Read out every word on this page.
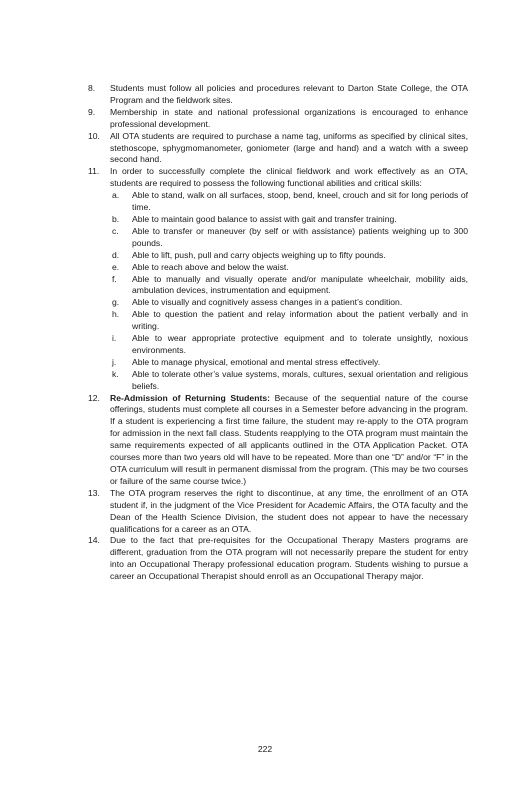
8. Students must follow all policies and procedures relevant to Darton State College, the OTA Program and the fieldwork sites.
9. Membership in state and national professional organizations is encouraged to enhance professional development.
10. All OTA students are required to purchase a name tag, uniforms as specified by clinical sites, stethoscope, sphygmomanometer, goniometer (large and hand) and a watch with a sweep second hand.
11. In order to successfully complete the clinical fieldwork and work effectively as an OTA, students are required to possess the following functional abilities and critical skills:
a. Able to stand, walk on all surfaces, stoop, bend, kneel, crouch and sit for long periods of time.
b. Able to maintain good balance to assist with gait and transfer training.
c. Able to transfer or maneuver (by self or with assistance) patients weighing up to 300 pounds.
d. Able to lift, push, pull and carry objects weighing up to fifty pounds.
e. Able to reach above and below the waist.
f. Able to manually and visually operate and/or manipulate wheelchair, mobility aids, ambulation devices, instrumentation and equipment.
g. Able to visually and cognitively assess changes in a patient’s condition.
h. Able to question the patient and relay information about the patient verbally and in writing.
i. Able to wear appropriate protective equipment and to tolerate unsightly, noxious environments.
j. Able to manage physical, emotional and mental stress effectively.
k. Able to tolerate other’s value systems, morals, cultures, sexual orientation and religious beliefs.
12. Re-Admission of Returning Students: Because of the sequential nature of the course offerings, students must complete all courses in a Semester before advancing in the program. If a student is experiencing a first time failure, the student may re-apply to the OTA program for admission in the next fall class. Students reapplying to the OTA program must maintain the same requirements expected of all applicants outlined in the OTA Application Packet. OTA courses more than two years old will have to be repeated. More than one “D” and/or “F” in the OTA curriculum will result in permanent dismissal from the program. (This may be two courses or failure of the same course twice.)
13. The OTA program reserves the right to discontinue, at any time, the enrollment of an OTA student if, in the judgment of the Vice President for Academic Affairs, the OTA faculty and the Dean of the Health Science Division, the student does not appear to have the necessary qualifications for a career as an OTA.
14. Due to the fact that pre-requisites for the Occupational Therapy Masters programs are different, graduation from the OTA program will not necessarily prepare the student for entry into an Occupational Therapy professional education program. Students wishing to pursue a career an Occupational Therapist should enroll as an Occupational Therapy major.
222
